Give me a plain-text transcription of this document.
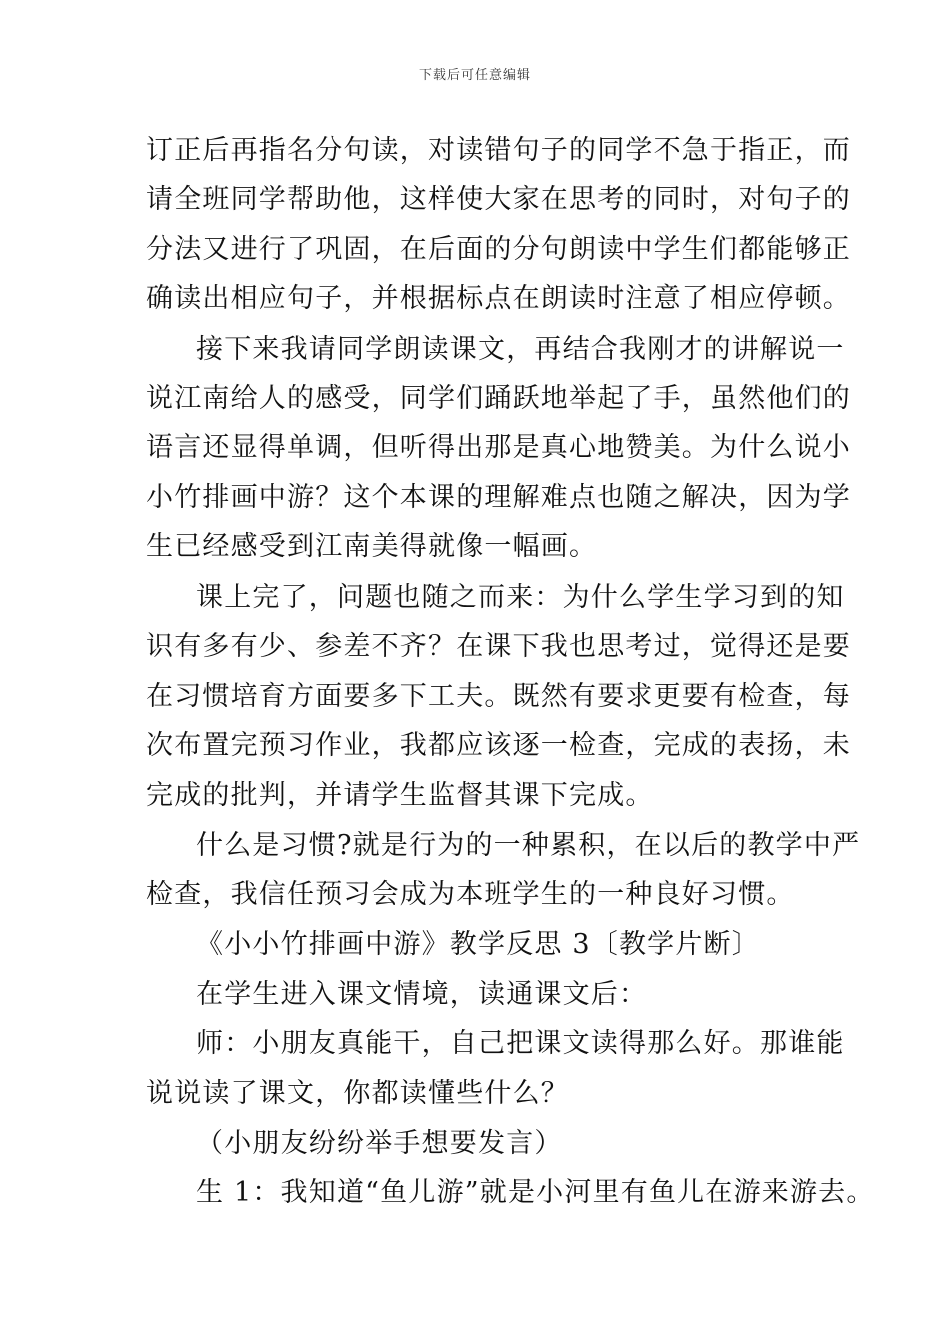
下载后可任意编辑
订正后再指名分句读，对读错句子的同学不急于指正，而
请全班同学帮助他，这样使大家在思考的同时，对句子的
分法又进行了巩固，在后面的分句朗读中学生们都能够正
确读出相应句子，并根据标点在朗读时注意了相应停顿。
接下来我请同学朗读课文，再结合我刚才的讲解说一
说江南给人的感受，同学们踊跃地举起了手，虽然他们的
语言还显得单调，但听得出那是真心地赞美。为什么说小
小竹排画中游？这个本课的理解难点也随之解决，因为学
生已经感受到江南美得就像一幅画。
课上完了，问题也随之而来：为什么学生学习到的知
识有多有少、参差不齐？在课下我也思考过，觉得还是要
在习惯培育方面要多下工夫。既然有要求更要有检查，每
次布置完预习作业，我都应该逐一检查，完成的表扬，未
完成的批判，并请学生监督其课下完成。
什么是习惯?就是行为的一种累积，在以后的教学中严
检查，我信任预习会成为本班学生的一种良好习惯。
《小小竹排画中游》教学反思 3〔教学片断〕
在学生进入课文情境，读通课文后：
师：小朋友真能干，自己把课文读得那么好。那谁能
说说读了课文，你都读懂些什么？
（小朋友纷纷举手想要发言）
生 1：我知道“鱼儿游”就是小河里有鱼儿在游来游去。
